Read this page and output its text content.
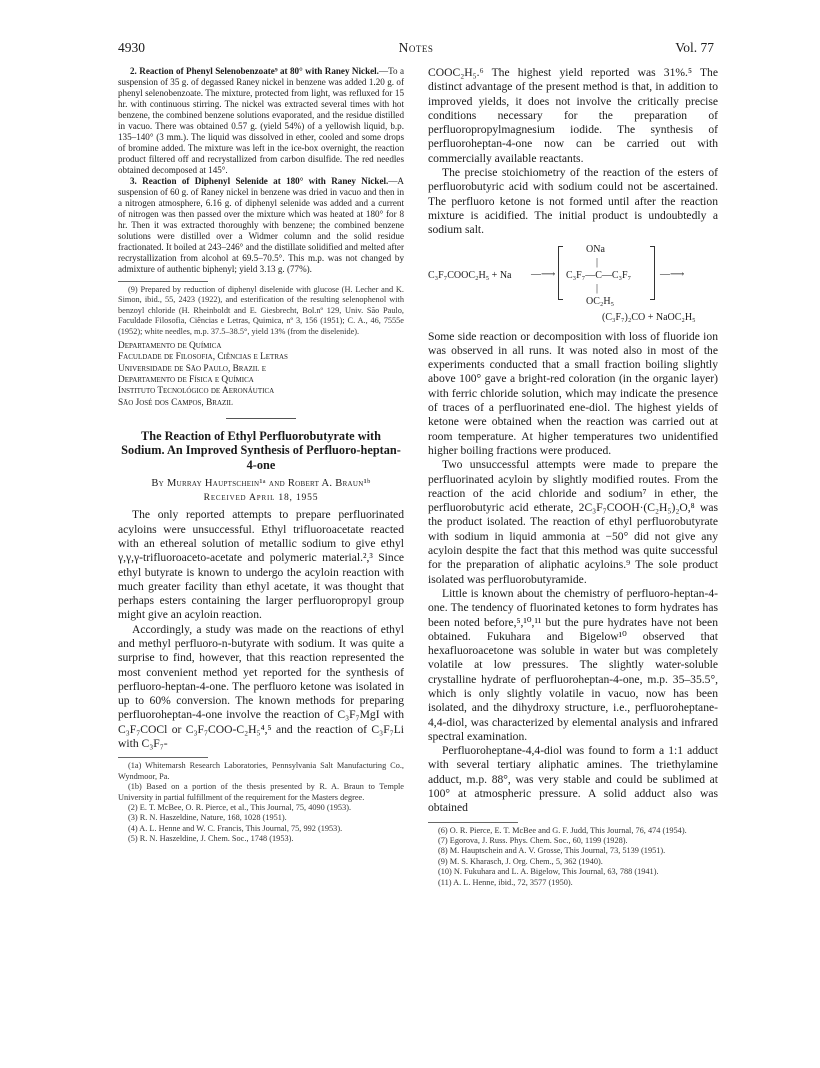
4930	Notes	Vol. 77

2. Reaction of Phenyl Selenobenzoate⁹ at 80° with Raney Nickel.—To a suspension of 35 g. of degassed Raney nickel in benzene was added 1.20 g. of phenyl selenobenzoate. The mixture, protected from light, was refluxed for 15 hr. with continuous stirring. The nickel was extracted several times with hot benzene, the combined benzene solutions evaporated, and the residue distilled in vacuo. There was obtained 0.57 g. (yield 54%) of a yellowish liquid, b.p. 135–140° (3 mm.). The liquid was dissolved in ether, cooled and some drops of bromine added. The mixture was left in the ice-box overnight, the reaction product filtered off and recrystallized from carbon disulfide. The red needles obtained decomposed at 145°.

3. Reaction of Diphenyl Selenide at 180° with Raney Nickel.—A suspension of 60 g. of Raney nickel in benzene was dried in vacuo and then in a nitrogen atmosphere, 6.16 g. of diphenyl selenide was added and a current of nitrogen was then passed over the mixture which was heated at 180° for 8 hr. Then it was extracted thoroughly with benzene; the combined benzene solutions were distilled over a Widmer column and the solid residue fractionated. It boiled at 243–246° and the distillate solidified and melted after recrystallization from alcohol at 69.5–70.5°. This m.p. was not changed by admixture of authentic biphenyl; yield 3.13 g. (77%).

(9) Prepared by reduction of diphenyl diselenide with glucose (H. Lecher and K. Simon, ibid., 55, 2423 (1922), and esterification of the resulting selenophenol with benzoyl chloride (H. Rheinboldt and E. Giesbrecht, Bol.nº 129, Univ. São Paulo, Faculdade Filosofia, Ciências e Letras, Quimica, nº 3, 156 (1951); C. A., 46, 7555e (1952); white needles, m.p. 37.5–38.5°, yield 13% (from the diselenide).

Departamento de Química
Faculdade de Filosofia, Ciências e Letras
Universidade de São Paulo, Brazil e
Departamento de Física e Química
Instituto Tecnológico de Aeronáutica
São José dos Campos, Brazil

The Reaction of Ethyl Perfluorobutyrate with Sodium. An Improved Synthesis of Perfluoro-heptan-4-one

By Murray Hauptschein¹ᵃ and Robert A. Braun¹ᵇ

Received April 18, 1955

The only reported attempts to prepare perfluorinated acyloins were unsuccessful. Ethyl trifluoroacetate reacted with an ethereal solution of metallic sodium to give ethyl γ,γ,γ-trifluoroaceto-acetate and polymeric material.²,³ Since ethyl butyrate is known to undergo the acyloin reaction with much greater facility than ethyl acetate, it was thought that perhaps esters containing the larger perfluoropropyl group might give an acyloin reaction.

Accordingly, a study was made on the reactions of ethyl and methyl perfluoro-n-butyrate with sodium. It was quite a surprise to find, however, that this reaction represented the most convenient method yet reported for the synthesis of perfluoro-heptan-4-one. The perfluoro ketone was isolated in up to 60% conversion. The known methods for preparing perfluoroheptan-4-one involve the reaction of C₃F₇MgI with C₃F₇COCl or C₃F₇COO-C₂H₅⁴,⁵ and the reaction of C₃F₇Li with C₃F₇-

(1a) Whitemarsh Research Laboratories, Pennsylvania Salt Manufacturing Co., Wyndmoor, Pa.

(1b) Based on a portion of the thesis presented by R. A. Braun to Temple University in partial fulfillment of the requirement for the Masters degree.

(2) E. T. McBee, O. R. Pierce, et al., This Journal, 75, 4090 (1953).

(3) R. N. Haszeldine, Nature, 168, 1028 (1951).

(4) A. L. Henne and W. C. Francis, This Journal, 75, 992 (1953).

(5) R. N. Haszeldine, J. Chem. Soc., 1748 (1953).

COOC₂H₅.⁶ The highest yield reported was 31%.⁵ The distinct advantage of the present method is that, in addition to improved yields, it does not involve the critically precise conditions necessary for the preparation of perfluoropropylmagnesium iodide. The synthesis of perfluoroheptan-4-one now can be carried out with commercially available reactants.

The precise stoichiometry of the reaction of the esters of perfluorobutyric acid with sodium could not be ascertained. The perfluoro ketone is not formed until after the reaction mixture is acidified. The initial product is undoubtedly a sodium salt.

C₃F₇COOC₂H₅ + Na —⟶
ONa
|
C₃F₇—C—C₃F₇
|
OC₂H₅
—⟶
(C₃F₇)₂CO + NaOC₂H₅

Some side reaction or decomposition with loss of fluoride ion was observed in all runs. It was noted also in most of the experiments conducted that a small fraction boiling slightly above 100° gave a bright-red coloration (in the organic layer) with ferric chloride solution, which may indicate the presence of traces of a perfluorinated ene-diol. The highest yields of ketone were obtained when the reaction was carried out at room temperature. At higher temperatures two unidentified higher boiling fractions were produced.

Two unsuccessful attempts were made to prepare the perfluorinated acyloin by slightly modified routes. From the reaction of the acid chloride and sodium⁷ in ether, the perfluorobutyric acid etherate, 2C₃F₇COOH·(C₂H₅)₂O,⁸ was the product isolated. The reaction of ethyl perfluorobutyrate with sodium in liquid ammonia at −50° did not give any acyloin despite the fact that this method was quite successful for the preparation of aliphatic acyloins.⁹ The sole product isolated was perfluorobutyramide.

Little is known about the chemistry of perfluoro-heptan-4-one. The tendency of fluorinated ketones to form hydrates has been noted before,⁵,¹⁰,¹¹ but the pure hydrates have not been obtained. Fukuhara and Bigelow¹⁰ observed that hexafluoroacetone was soluble in water but was completely volatile at low pressures. The slightly water-soluble crystalline hydrate of perfluoroheptan-4-one, m.p. 35–35.5°, which is only slightly volatile in vacuo, now has been isolated, and the dihydroxy structure, i.e., perfluoroheptane-4,4-diol, was characterized by elemental analysis and infrared spectral examination.

Perfluoroheptane-4,4-diol was found to form a 1:1 adduct with several tertiary aliphatic amines. The triethylamine adduct, m.p. 88°, was very stable and could be sublimed at 100° at atmospheric pressure. A solid adduct also was obtained

(6) O. R. Pierce, E. T. McBee and G. F. Judd, This Journal, 76, 474 (1954).

(7) Egorova, J. Russ. Phys. Chem. Soc., 60, 1199 (1928).

(8) M. Hauptschein and A. V. Grosse, This Journal, 73, 5139 (1951).

(9) M. S. Kharasch, J. Org. Chem., 5, 362 (1940).

(10) N. Fukuhara and L. A. Bigelow, This Journal, 63, 788 (1941).

(11) A. L. Henne, ibid., 72, 3577 (1950).
